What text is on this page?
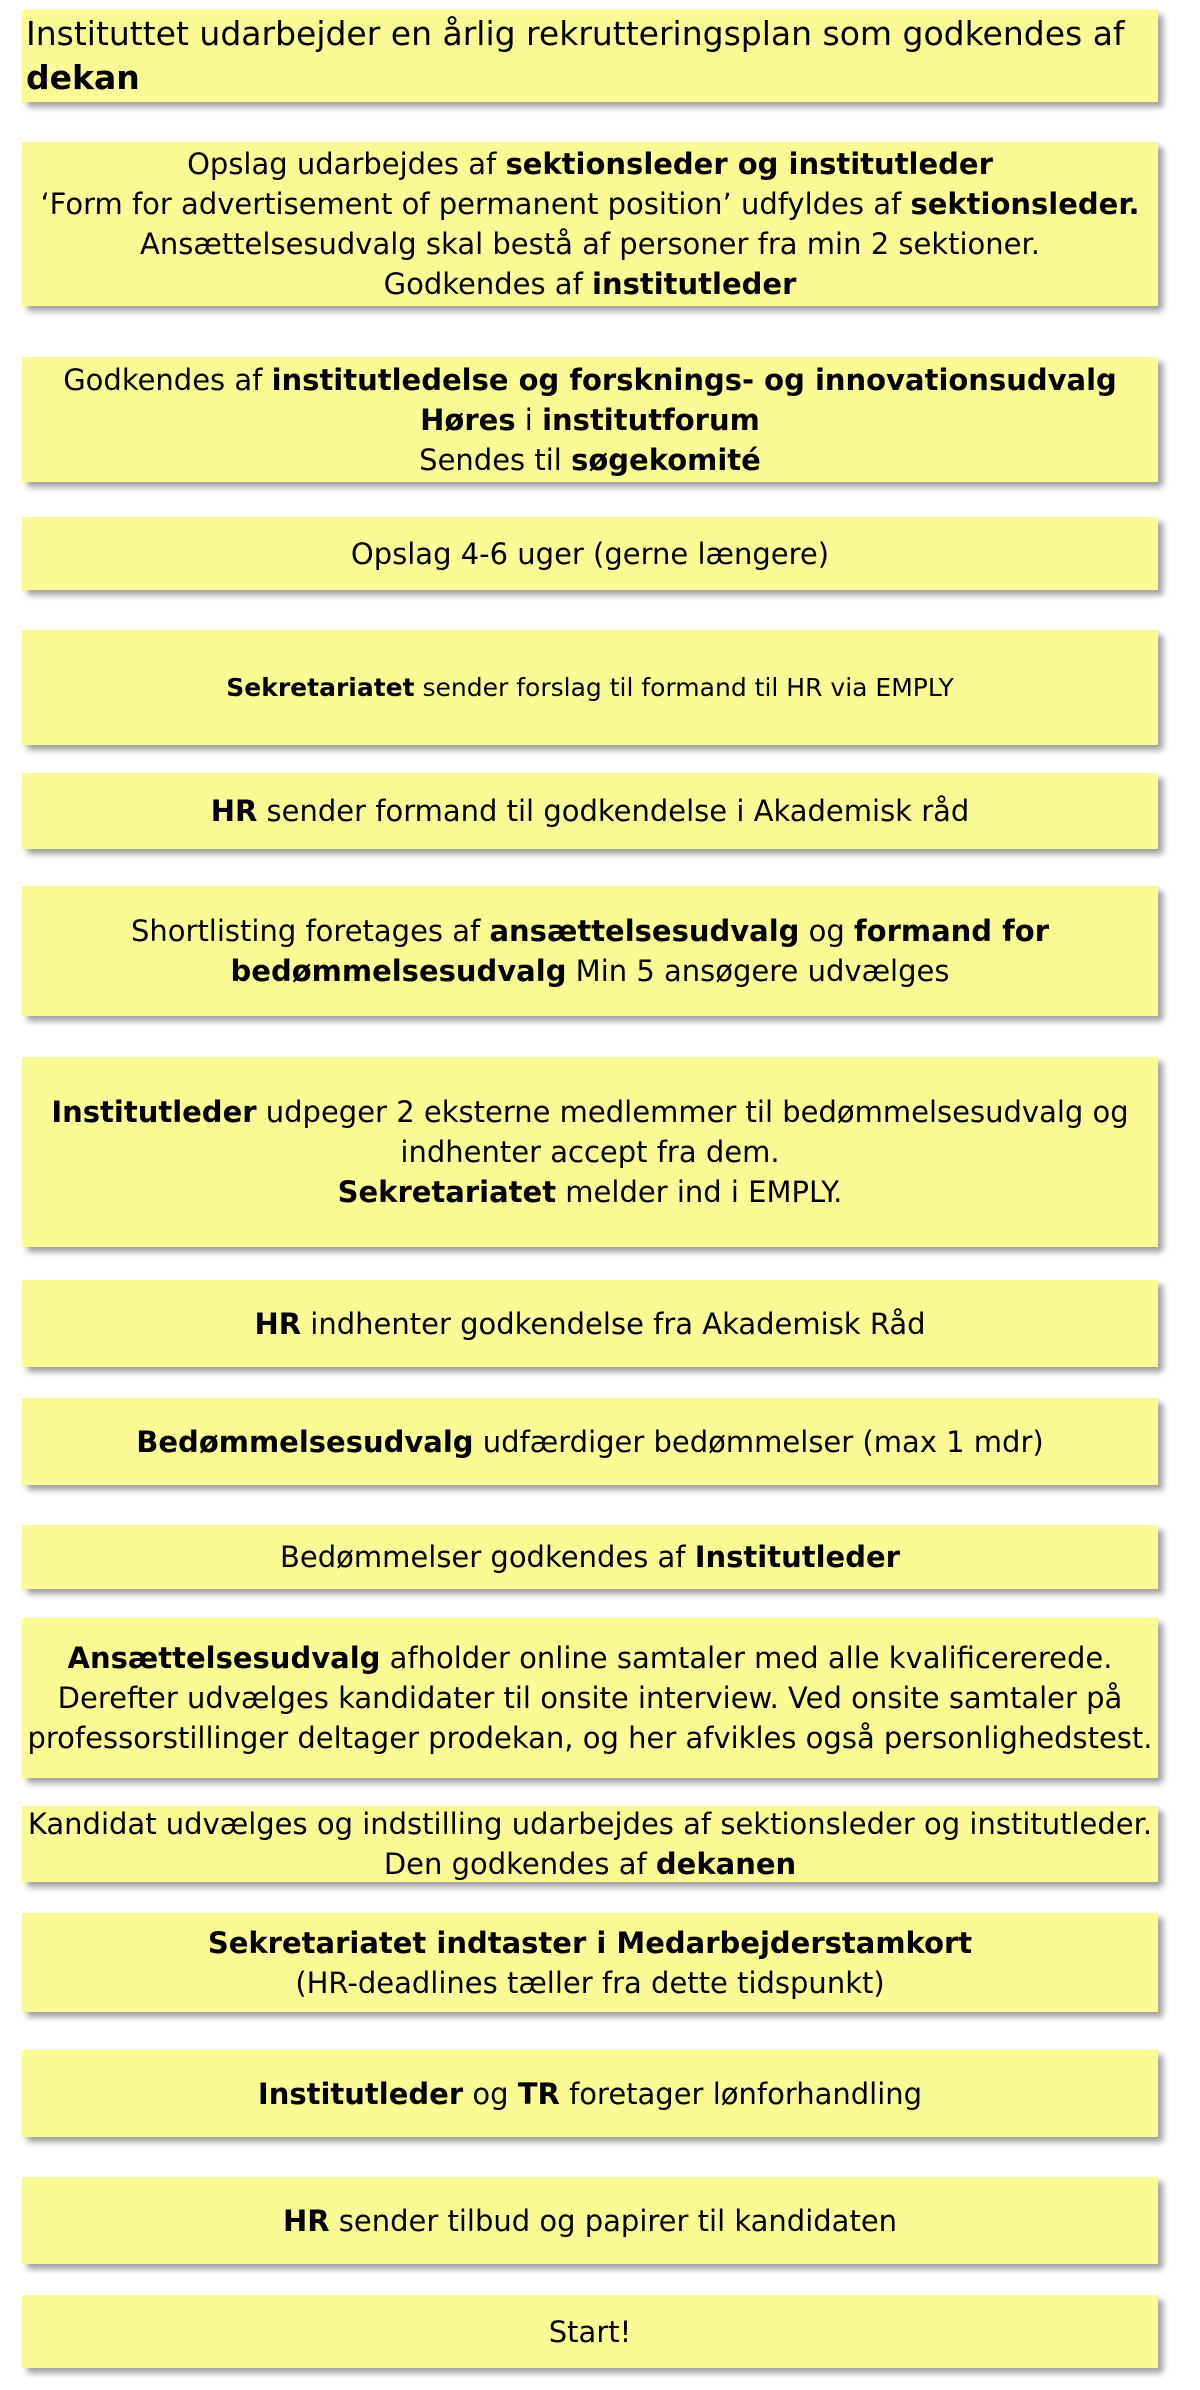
Instituttet udarbejder en årlig rekrutteringsplan som godkendes af
dekan
Opslag udarbejdes af sektionsleder og institutleder
‘Form for advertisement of permanent position’ udfyldes af sektionsleder.
Ansættelsesudvalg skal bestå af personer fra min 2 sektioner.
Godkendes af institutleder
Godkendes af institutledelse og forsknings- og innovationsudvalg
Høres i institutforum
Sendes til søgekomité
Opslag 4-6 uger (gerne længere)
Sekretariatet sender forslag til formand til HR via EMPLY
HR sender formand til godkendelse i Akademisk råd
Shortlisting foretages af ansættelsesudvalg og formand for
bedømmelsesudvalg Min 5 ansøgere udvælges
Institutleder udpeger 2 eksterne medlemmer til bedømmelsesudvalg og
indhenter accept fra dem.
Sekretariatet melder ind i EMPLY.
HR indhenter godkendelse fra Akademisk Råd
Bedømmelsesudvalg udfærdiger bedømmelser (max 1 mdr)
Bedømmelser godkendes af Institutleder
Ansættelsesudvalg afholder online samtaler med alle kvalificererede.
Derefter udvælges kandidater til onsite interview. Ved onsite samtaler på
professorstillinger deltager prodekan, og her afvikles også personlighedstest.
Kandidat udvælges og indstilling udarbejdes af sektionsleder og institutleder.
Den godkendes af dekanen
Sekretariatet indtaster i Medarbejderstamkort
(HR-deadlines tæller fra dette tidspunkt)
Institutleder og TR foretager lønforhandling
HR sender tilbud og papirer til kandidaten
Start!
